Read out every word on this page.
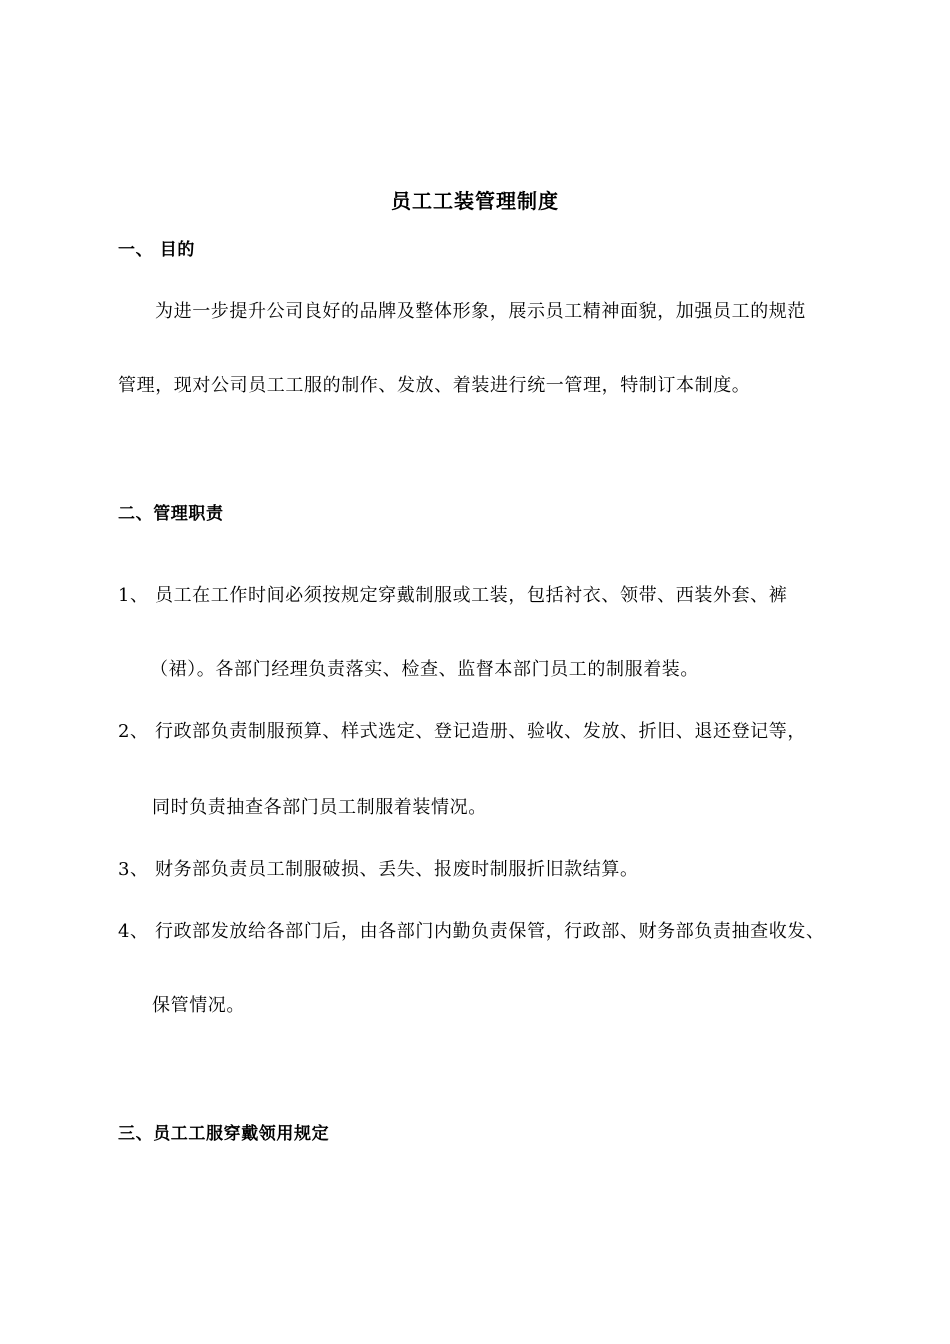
员工工装管理制度
一、 目的
为进一步提升公司良好的品牌及整体形象，展示员工精神面貌，加强员工的规范
管理，现对公司员工工服的制作、发放、着装进行统一管理，特制订本制度。
二、管理职责
1、 员工在工作时间必须按规定穿戴制服或工装，包括衬衣、领带、西装外套、裤
（裙）。各部门经理负责落实、检查、监督本部门员工的制服着装。
2、 行政部负责制服预算、样式选定、登记造册、验收、发放、折旧、退还登记等，
同时负责抽查各部门员工制服着装情况。
3、 财务部负责员工制服破损、丢失、报废时制服折旧款结算。
4、 行政部发放给各部门后，由各部门内勤负责保管，行政部、财务部负责抽查收发、
保管情况。
三、员工工服穿戴领用规定
